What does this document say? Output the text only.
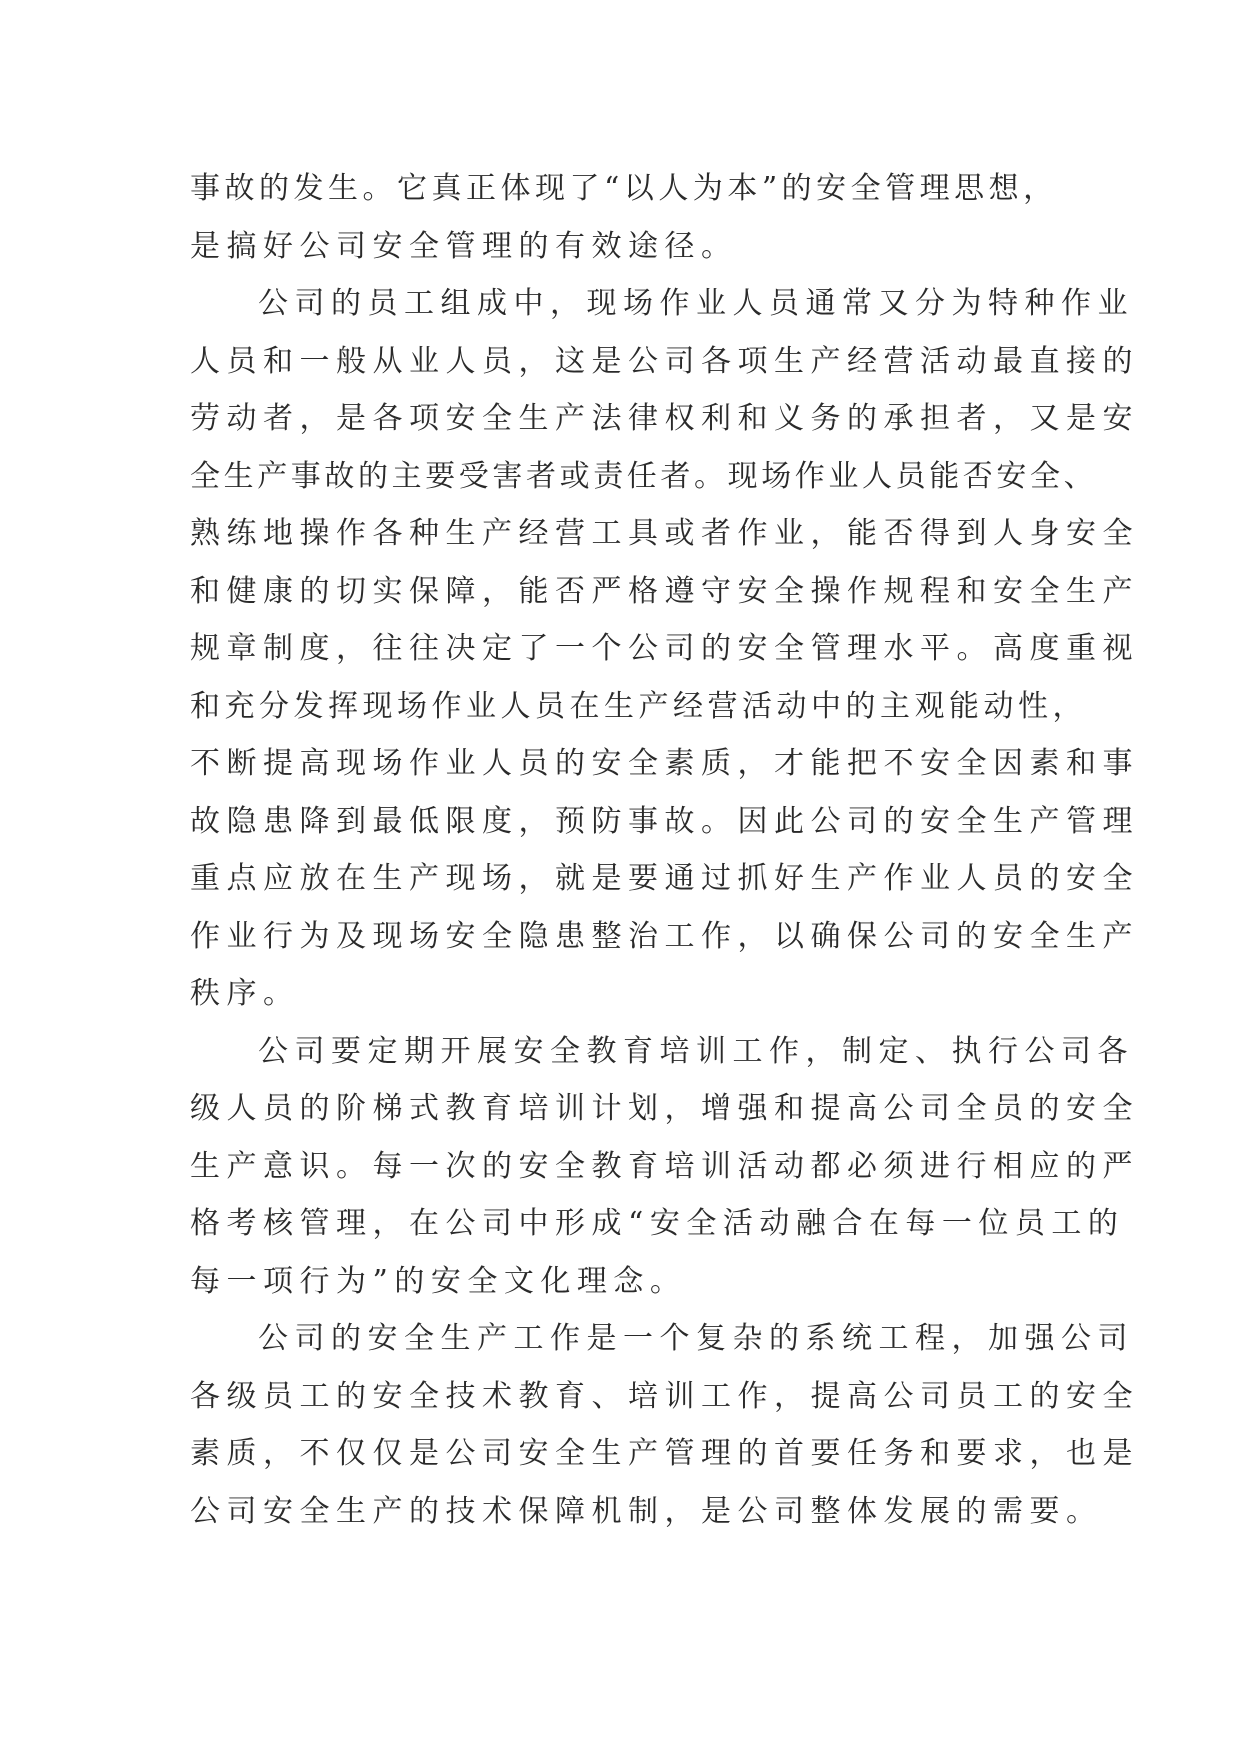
事故的发生。它真正体现了“以人为本”的安全管理思想，
是搞好公司安全管理的有效途径。
公司的员工组成中，现场作业人员通常又分为特种作业
人员和一般从业人员，这是公司各项生产经营活动最直接的
劳动者，是各项安全生产法律权利和义务的承担者，又是安
全生产事故的主要受害者或责任者。现场作业人员能否安全、
熟练地操作各种生产经营工具或者作业，能否得到人身安全
和健康的切实保障，能否严格遵守安全操作规程和安全生产
规章制度，往往决定了一个公司的安全管理水平。高度重视
和充分发挥现场作业人员在生产经营活动中的主观能动性，
不断提高现场作业人员的安全素质，才能把不安全因素和事
故隐患降到最低限度，预防事故。因此公司的安全生产管理
重点应放在生产现场，就是要通过抓好生产作业人员的安全
作业行为及现场安全隐患整治工作，以确保公司的安全生产
秩序。
公司要定期开展安全教育培训工作，制定、执行公司各
级人员的阶梯式教育培训计划，增强和提高公司全员的安全
生产意识。每一次的安全教育培训活动都必须进行相应的严
格考核管理，在公司中形成“安全活动融合在每一位员工的
每一项行为”的安全文化理念。
公司的安全生产工作是一个复杂的系统工程，加强公司
各级员工的安全技术教育、培训工作，提高公司员工的安全
素质，不仅仅是公司安全生产管理的首要任务和要求，也是
公司安全生产的技术保障机制，是公司整体发展的需要。
